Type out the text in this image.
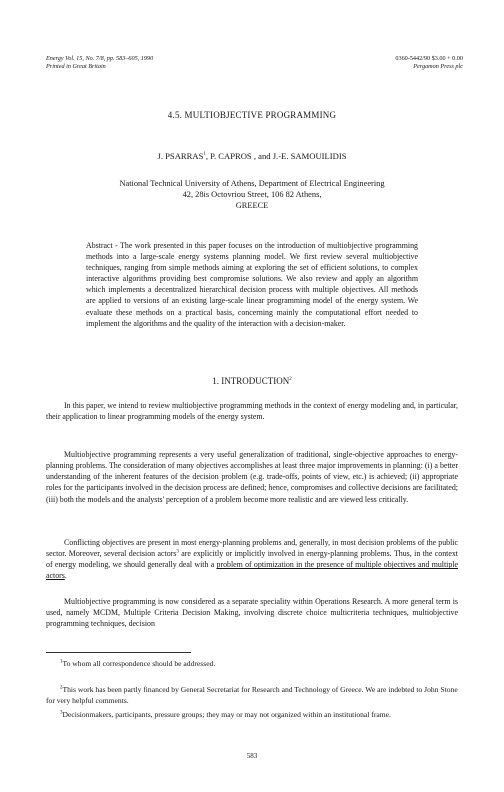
Energy Vol. 15, No. 7/8, pp. 583–605, 1990
Printed in Great Britain
0360-5442/90 $3.00 + 0.00
Pergamon Press plc
4.5. MULTIOBJECTIVE PROGRAMMING
J. PSARRAS$^1$, P. CAPROS , and J.-E. SAMOUILIDIS
National Technical University of Athens, Department of Electrical Engineering
42, 28is Octovriou Street, 106 82 Athens,
GREECE
Abstract - The work presented in this paper focuses on the introduction of multiobjective programming methods into a large-scale energy systems planning model. We first review several multiobjective techniques, ranging from simple methods aiming at exploring the set of efficient solutions, to complex interactive algorithms providing best compromise solutions. We also review and apply an algorithm which implements a decentralized hierarchical decision process with multiple objectives. All methods are applied to versions of an existing large-scale linear programming model of the energy system. We evaluate these methods on a practical basis, concerning mainly the computational effort needed to implement the algorithms and the quality of the interaction with a decision-maker.
1. INTRODUCTION$^2$
In this paper, we intend to review multiobjective programming methods in the context of energy modeling and, in particular, their application to linear programming models of the energy system.
Multiobjective programming represents a very useful generalization of traditional, single-objective approaches to energy-planning problems. The consideration of many objectives accomplishes at least three major improvements in planning: (i) a better understanding of the inherent features of the decision problem (e.g. trade-offs, points of view, etc.) is achieved; (ii) appropriate roles for the participants involved in the decision process are defined; hence, compromises and collective decisions are facilitated; (iii) both the models and the analysts' perception of a problem become more realistic and are viewed less critically.
Conflicting objectives are present in most energy-planning problems and, generally, in most decision problems of the public sector. Moreover, several decision actors$^3$ are explicitly or implicitly involved in energy-planning problems. Thus, in the context of energy modeling, we should generally deal with a problem of optimization in the presence of multiple objectives and multiple actors.
Multiobjective programming is now considered as a separate speciality within Operations Research. A more general term is used, namely MCDM, Multiple Criteria Decision Making, involving discrete choice multicriteria techniques, multiobjective programming techniques, decision
$^1$To whom all correspondence should be addressed.
$^2$This work has been partly financed by General Secretariat for Research and Technology of Greece. We are indebted to John Stone for very helpful comments.
$^3$Decisionmakers, participants, pressure groups; they may or may not organized within an institutional frame.
583
